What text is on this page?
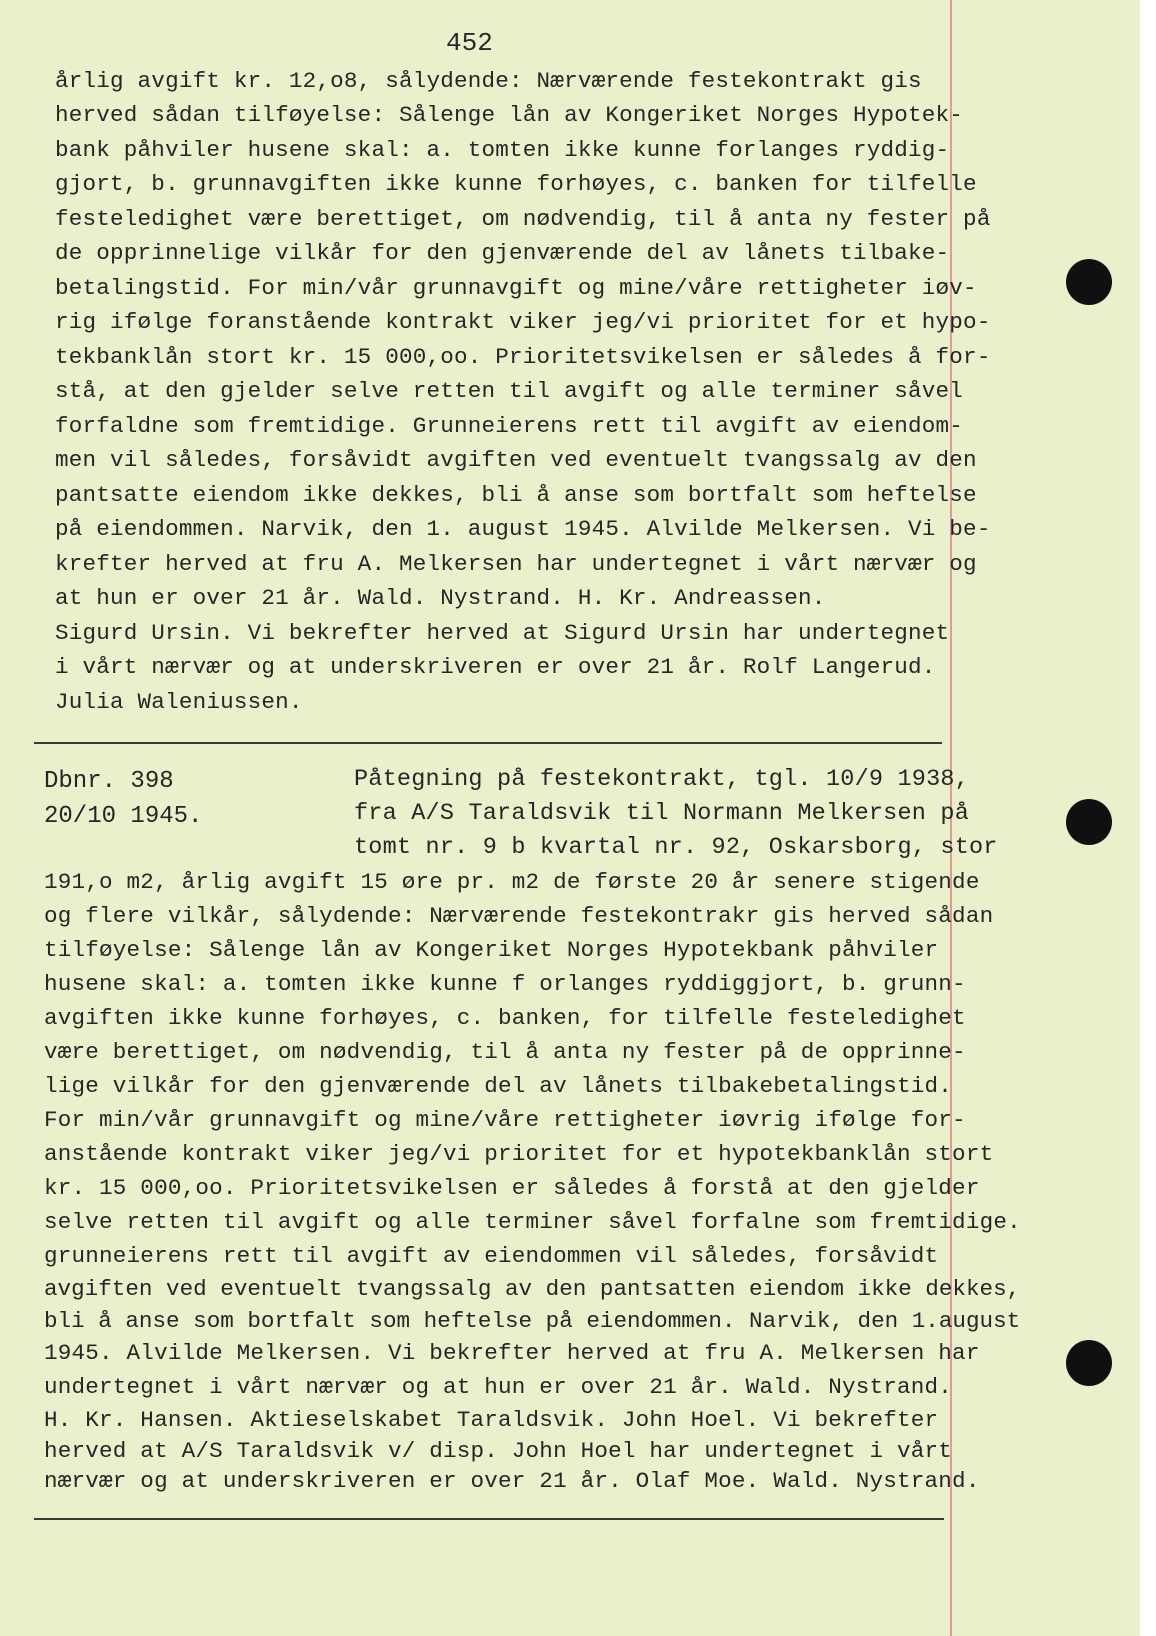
452
årlig avgift kr. 12,o8, sålydende: Nærværende festekontrakt gis
herved sådan tilføyelse: Sålenge lån av Kongeriket Norges Hypotek-
bank påhviler husene skal: a. tomten ikke kunne forlanges ryddig-
gjort, b. grunnavgiften ikke kunne forhøyes, c. banken for tilfelle
festeledighet være berettiget, om nødvendig, til å anta ny fester på
de opprinnelige vilkår for den gjenværende del av lånets tilbake-
betalingstid. For min/vår grunnavgift og mine/våre rettigheter iøv-
rig ifølge foranstående kontrakt viker jeg/vi prioritet for et hypo-
tekbanklån stort kr. 15 000,oo. Prioritetsvikelsen er således å for-
stå, at den gjelder selve retten til avgift og alle terminer såvel
forfaldne som fremtidige. Grunneierens rett til avgift av eiendom-
men vil således, forsåvidt avgiften ved eventuelt tvangssalg av den
pantsatte eiendom ikke dekkes, bli å anse som bortfalt som heftelse
på eiendommen. Narvik, den 1. august 1945. Alvilde Melkersen. Vi be-
krefter herved at fru A. Melkersen har undertegnet i vårt nærvær og
at hun er over 21 år. Wald. Nystrand. H. Kr. Andreassen.
Sigurd Ursin. Vi bekrefter herved at Sigurd Ursin har undertegnet
i vårt nærvær og at underskriveren er over 21 år. Rolf Langerud.
Julia Waleniussen.
Dbnr. 398
20/10 1945.
Påtegning på festekontrakt, tgl. 10/9 1938,
fra A/S Taraldsvik til Normann Melkersen på
tomt nr. 9 b kvartal nr. 92, Oskarsborg, stor
191,o m2, årlig avgift 15 øre pr. m2 de første 20 år senere stigende
og flere vilkår, sålydende: Nærværende festekontrakr gis herved sådan
tilføyelse: Sålenge lån av Kongeriket Norges Hypotekbank påhviler
husene skal: a. tomten ikke kunne f orlanges ryddiggjort, b. grunn-
avgiften ikke kunne forhøyes, c. banken, for tilfelle festeledighet
være berettiget, om nødvendig, til å anta ny fester på de opprinne-
lige vilkår for den gjenværende del av lånets tilbakebetalingstid.
For min/vår grunnavgift og mine/våre rettigheter iøvrig ifølge for-
anstående kontrakt viker jeg/vi prioritet for et hypotekbanklån stort
kr. 15 000,oo. Prioritetsvikelsen er således å forstå at den gjelder
selve retten til avgift og alle terminer såvel forfalne som fremtidige.
grunneierens rett til avgift av eiendommen vil således, forsåvidt
avgiften ved eventuelt tvangssalg av den pantsatten eiendom ikke dekkes,
bli å anse som bortfalt som heftelse på eiendommen. Narvik, den 1.august
1945. Alvilde Melkersen. Vi bekrefter herved at fru A. Melkersen har
undertegnet i vårt nærvær og at hun er over 21 år. Wald. Nystrand.
H. Kr. Hansen. Aktieselskabet Taraldsvik. John Hoel. Vi bekrefter
herved at A/S Taraldsvik v/ disp. John Hoel har undertegnet i vårt
nærvær og at underskriveren er over 21 år. Olaf Moe. Wald. Nystrand.
